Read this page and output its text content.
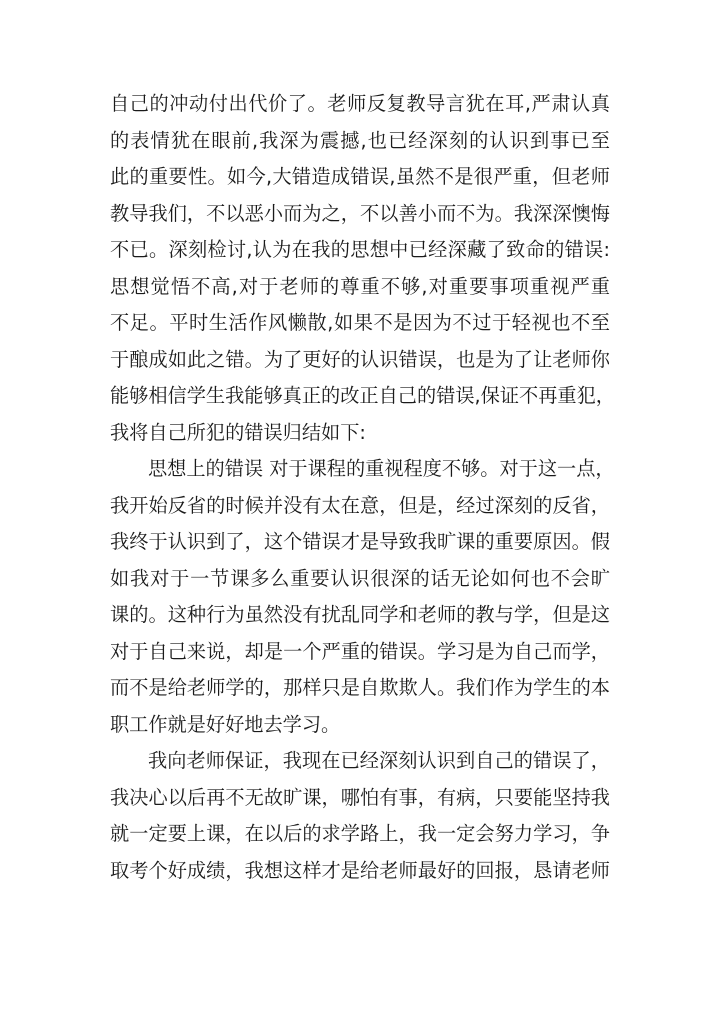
自己的冲动付出代价了。老师反复教导言犹在耳,严肃认真
的表情犹在眼前,我深为震撼,也已经深刻的认识到事已至
此的重要性。如今,大错造成错误,虽然不是很严重，但老师
教导我们，不以恶小而为之，不以善小而不为。我深深懊悔
不已。深刻检讨,认为在我的思想中已经深藏了致命的错误:
思想觉悟不高,对于老师的尊重不够,对重要事项重视严重
不足。平时生活作风懒散,如果不是因为不过于轻视也不至
于酿成如此之错。为了更好的认识错误，也是为了让老师你
能够相信学生我能够真正的改正自己的错误,保证不再重犯，
我将自己所犯的错误归结如下:
思想上的错误 对于课程的重视程度不够。对于这一点，
我开始反省的时候并没有太在意，但是，经过深刻的反省，
我终于认识到了，这个错误才是导致我旷课的重要原因。假
如我对于一节课多么重要认识很深的话无论如何也不会旷
课的。这种行为虽然没有扰乱同学和老师的教与学，但是这
对于自己来说，却是一个严重的错误。学习是为自己而学，
而不是给老师学的，那样只是自欺欺人。我们作为学生的本
职工作就是好好地去学习。
我向老师保证，我现在已经深刻认识到自己的错误了，
我决心以后再不无故旷课，哪怕有事，有病，只要能坚持我
就一定要上课，在以后的求学路上，我一定会努力学习，争
取考个好成绩，我想这样才是给老师最好的回报，恳请老师
